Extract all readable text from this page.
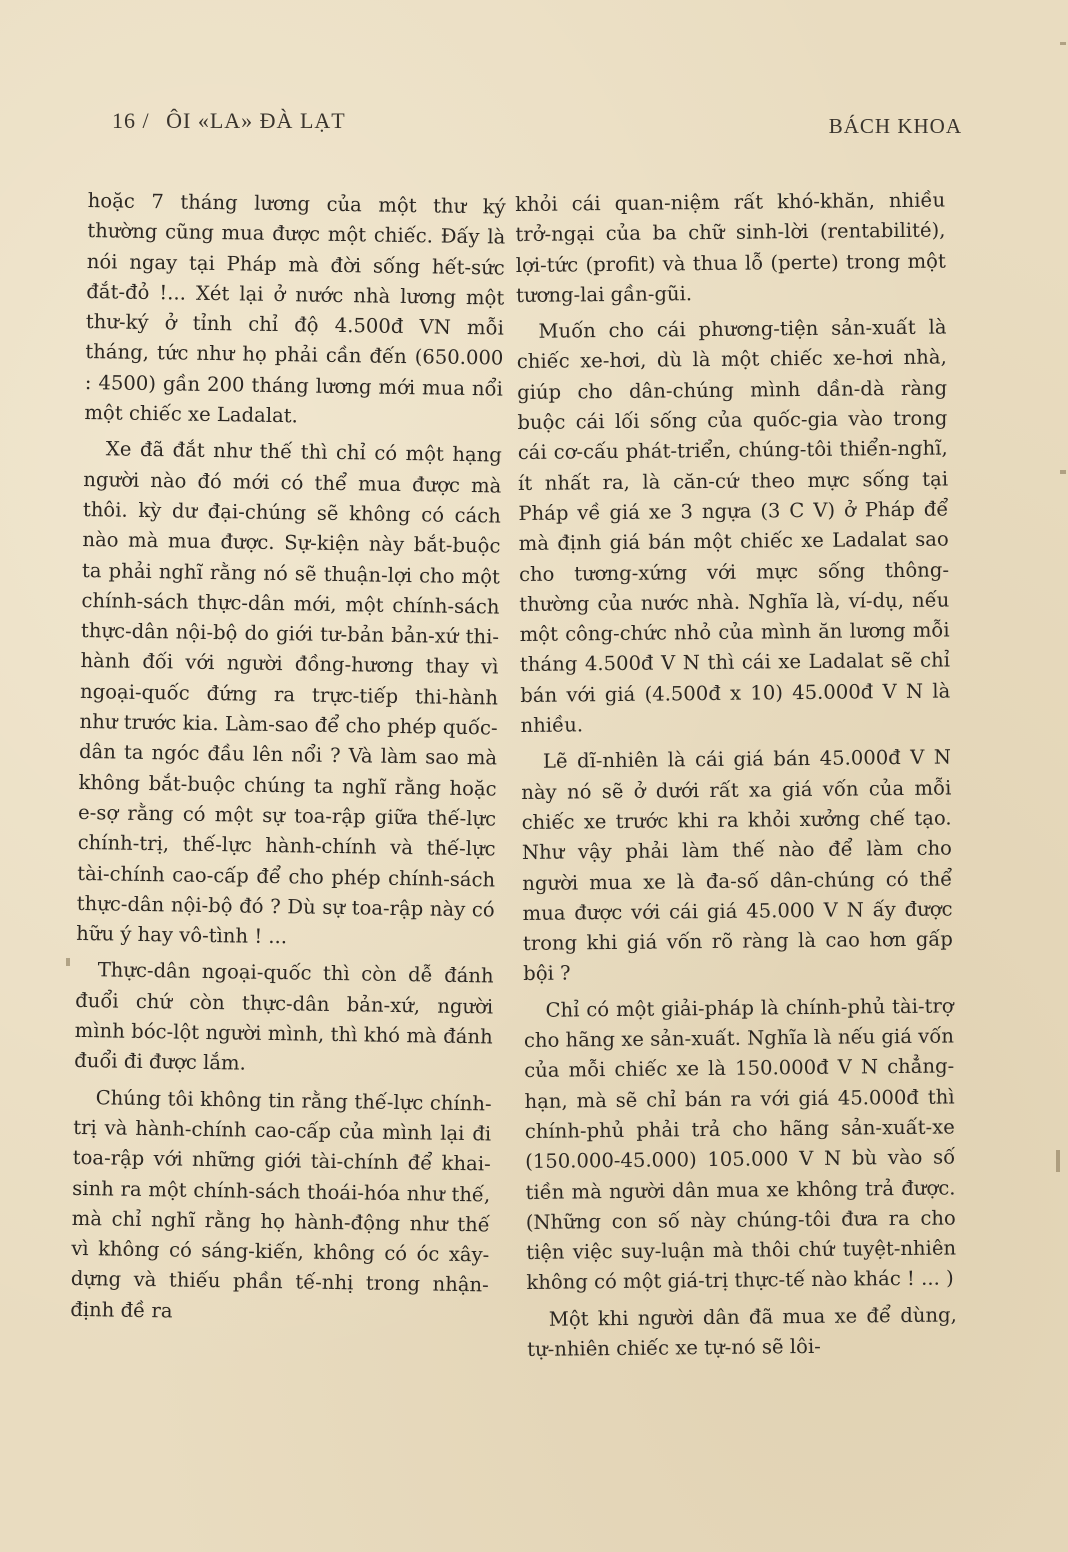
16 / ÔI «LA» ĐÀ LẠT	BÁCH KHOA

hoặc 7 tháng lương của một thư ký thường cũng mua được một chiếc. Đấy là nói ngay tại Pháp mà đời sống hết-sức đắt-đỏ !... Xét lại ở nước nhà lương một thư-ký ở tỉnh chỉ độ 4.500đ VN mỗi tháng, tức như họ phải cần đến (650.000 : 4500) gần 200 tháng lương mới mua nổi một chiếc xe Ladalat.

Xe đã đắt như thế thì chỉ có một hạng người nào đó mới có thể mua được mà thôi. kỳ dư đại-chúng sẽ không có cách nào mà mua được. Sự-kiện này bắt-buộc ta phải nghĩ rằng nó sẽ thuận-lợi cho một chính-sách thực-dân mới, một chính-sách thực-dân nội-bộ do giới tư-bản bản-xứ thi-hành đối với người đồng-hương thay vì ngoại-quốc đứng ra trực-tiếp thi-hành như trước kia. Làm-sao để cho phép quốc-dân ta ngóc đầu lên nổi ? Và làm sao mà không bắt-buộc chúng ta nghĩ rằng hoặc e-sợ rằng có một sự toa-rập giữa thế-lực chính-trị, thế-lực hành-chính và thế-lực tài-chính cao-cấp để cho phép chính-sách thực-dân nội-bộ đó ? Dù sự toa-rập này có hữu ý hay vô-tình ! ...

Thực-dân ngoại-quốc thì còn dễ đánh đuổi chứ còn thực-dân bản-xứ, người mình bóc-lột người mình, thì khó mà đánh đuổi đi được lắm.

Chúng tôi không tin rằng thế-lực chính-trị và hành-chính cao-cấp của mình lại đi toa-rập với những giới tài-chính để khai-sinh ra một chính-sách thoái-hóa như thế, mà chỉ nghĩ rằng họ hành-động như thế vì không có sáng-kiến, không có óc xây-dựng và thiếu phần tế-nhị trong nhận-định đề ra

khỏi cái quan-niệm rất khó-khăn, nhiều trở-ngại của ba chữ sinh-lời (rentabilité), lợi-tức (profit) và thua lỗ (perte) trong một tương-lai gần-gũi.

Muốn cho cái phương-tiện sản-xuất là chiếc xe-hơi, dù là một chiếc xe-hơi nhà, giúp cho dân-chúng mình dần-dà ràng buộc cái lối sống của quốc-gia vào trong cái cơ-cấu phát-triển, chúng-tôi thiển-nghĩ, ít nhất ra, là căn-cứ theo mực sống tại Pháp về giá xe 3 ngựa (3 C V) ở Pháp để mà định giá bán một chiếc xe Ladalat sao cho tương-xứng với mực sống thông-thường của nước nhà. Nghĩa là, ví-dụ, nếu một công-chức nhỏ của mình ăn lương mỗi tháng 4.500đ V N thì cái xe Ladalat sẽ chỉ bán với giá (4.500đ x 10) 45.000đ V N là nhiều.

Lẽ dĩ-nhiên là cái giá bán 45.000đ V N này nó sẽ ở dưới rất xa giá vốn của mỗi chiếc xe trước khi ra khỏi xưởng chế tạo. Như vậy phải làm thế nào để làm cho người mua xe là đa-số dân-chúng có thể mua được với cái giá 45.000 V N ấy được trong khi giá vốn rõ ràng là cao hơn gấp bội ?

Chỉ có một giải-pháp là chính-phủ tài-trợ cho hãng xe sản-xuất. Nghĩa là nếu giá vốn của mỗi chiếc xe là 150.000đ V N chẳng-hạn, mà sẽ chỉ bán ra với giá 45.000đ thì chính-phủ phải trả cho hãng sản-xuất-xe (150.000-45.000) 105.000 V N bù vào số tiền mà người dân mua xe không trả được. (Những con số này chúng-tôi đưa ra cho tiện việc suy-luận mà thôi chứ tuyệt-nhiên không có một giá-trị thực-tế nào khác ! ... )

Một khi người dân đã mua xe để dùng, tự-nhiên chiếc xe tự-nó sẽ lôi-
